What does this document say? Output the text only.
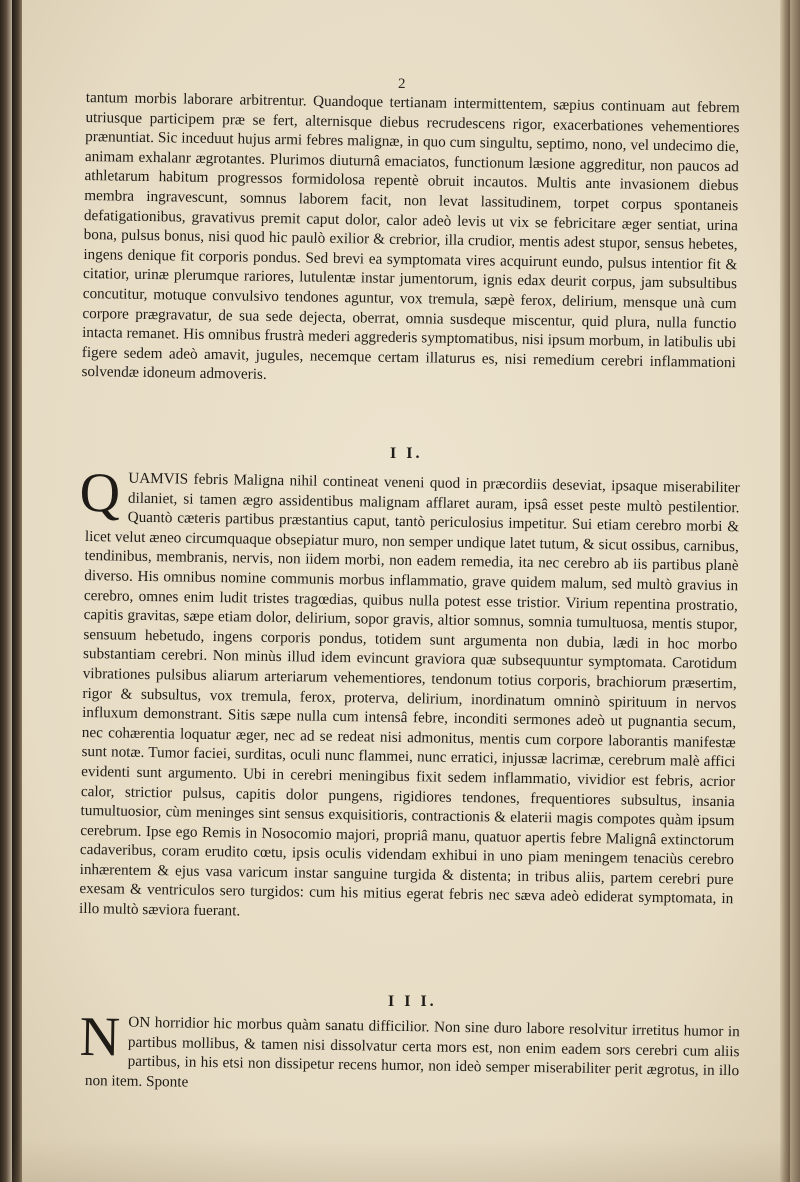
2

tantum morbis laborare arbitrentur. Quandoque tertianam intermittentem, sæpius continuam aut febrem utriusque participem præ se fert, alternisque diebus recrudescens rigor, exacerbationes vehementiores prænuntiat. Sic inceduut hujus armi febres malignæ, in quo cum singultu, septimo, nono, vel undecimo die, animam exhalanr ægrotantes. Plurimos diuturnâ emaciatos, functionum læsione aggreditur, non paucos ad athletarum habitum progressos formidolosa repentè obruit incautos. Multis ante invasionem diebus membra ingravescunt, somnus laborem facit, non levat lassitudinem, torpet corpus spontaneis defatigationibus, gravativus premit caput dolor, calor adeò levis ut vix se febricitare æger sentiat, urina bona, pulsus bonus, nisi quod hic paulò exilior & crebrior, illa crudior, mentis adest stupor, sensus hebetes, ingens denique fit corporis pondus. Sed brevi ea symptomata vires acquirunt eundo, pulsus intentior fit & citatior, urinæ plerumque rariores, lutulentæ instar jumentorum, ignis edax deurit corpus, jam subsultibus concutitur, motuque convulsivo tendones aguntur, vox tremula, sæpè ferox, delirium, mensque unà cum corpore prægravatur, de sua sede dejecta, oberrat, omnia susdeque miscentur, quid plura, nulla functio intacta remanet. His omnibus frustrà mederi aggrederis symptomatibus, nisi ipsum morbum, in latibulis ubi figere sedem adeò amavit, jugules, necemque certam illaturus es, nisi remedium cerebri inflammationi solvendæ idoneum admoveris.

I I.
Q UAMVIS febris Maligna nihil contineat veneni quod in præcordiis deseviat, ipsaque miserabiliter dilaniet, si tamen ægro assidentibus malignam afflaret auram, ipsâ esset peste multò pestilentior. Quantò cæteris partibus præstantius caput, tantò periculosius impetitur. Sui etiam cerebro morbi & licet velut æneo circumquaque obsepiatur muro, non semper undique latet tutum, & sicut ossibus, carnibus, tendinibus, membranis, nervis, non iidem morbi, non eadem remedia, ita nec cerebro ab iis partibus planè diverso. His omnibus nomine communis morbus inflammatio, grave quidem malum, sed multò gravius in cerebro, omnes enim ludit tristes tragœdias, quibus nulla potest esse tristior. Virium repentina prostratio, capitis gravitas, sæpe etiam dolor, delirium, sopor gravis, altior somnus, somnia tumultuosa, mentis stupor, sensuum hebetudo, ingens corporis pondus, totidem sunt argumenta non dubia, lædi in hoc morbo substantiam cerebri. Non minùs illud idem evincunt graviora quæ subsequuntur symptomata. Carotidum vibrationes pulsibus aliarum arteriarum vehementiores, tendonum totius corporis, brachiorum præsertim, rigor & subsultus, vox tremula, ferox, proterva, delirium, inordinatum omninò spirituum in nervos influxum demonstrant. Sitis sæpe nulla cum intensâ febre, inconditi sermones adeò ut pugnantia secum, nec cohærentia loquatur æger, nec ad se redeat nisi admonitus, mentis cum corpore laborantis manifestæ sunt notæ. Tumor faciei, surditas, oculi nunc flammei, nunc erratici, injussæ lacrimæ, cerebrum malè affici evidenti sunt argumento. Ubi in cerebri meningibus fixit sedem inflammatio, vividior est febris, acrior calor, strictior pulsus, capitis dolor pungens, rigidiores tendones, frequentiores subsultus, insania tumultuosior, cùm meninges sint sensus exquisitioris, contractionis & elaterii magis compotes quàm ipsum cerebrum. Ipse ego Remis in Nosocomio majori, propriâ manu, quatuor apertis febre Malignâ extinctorum cadaveribus, coram erudito cœtu, ipsis oculis videndam exhibui in uno piam meningem tenaciùs cerebro inhærentem & ejus vasa varicum instar sanguine turgida & distenta; in tribus aliis, partem cerebri pure exesam & ventriculos sero turgidos: cum his mitius egerat febris nec sæva adeò ediderat symptomata, in illo multò sæviora fuerant.

I I I.
N ON horridior hic morbus quàm sanatu difficilior. Non sine duro labore resolvitur irretitus humor in partibus mollibus, & tamen nisi dissolvatur certa mors est, non enim eadem sors cerebri cum aliis partibus, in his etsi non dissipetur recens humor, non ideò semper miserabiliter perit ægrotus, in illo non item. Sponte
